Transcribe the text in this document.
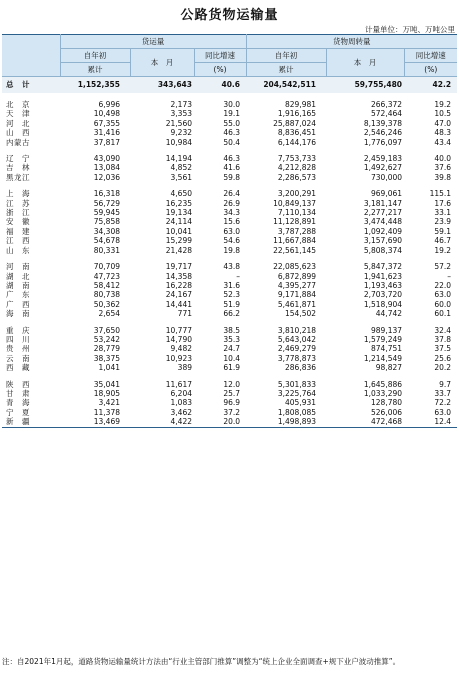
公路货物运输量
计量单位：万吨、万吨公里
	货运量			货物周转量		
	自年初	本　月	同比增速	自年初	本　月	同比增速
	累计		(%)	累计		(%)
总　计	1,152,355	343,643	40.6	204,542,511	59,755,480	42.2

北　京	6,996	2,173	30.0	829,981	266,372	19.2
天　津	10,498	3,353	19.1	1,916,165	572,464	10.5
河　北	67,355	21,560	55.0	25,887,024	8,139,378	47.0
山　西	31,416	9,232	46.3	8,836,451	2,546,246	48.3
内蒙古	37,817	10,984	50.4	6,144,176	1,776,097	43.4

辽　宁	43,090	14,194	46.3	7,753,733	2,459,183	40.0
吉　林	13,084	4,852	41.6	4,212,828	1,492,627	37.6
黑龙江	12,036	3,561	59.8	2,286,573	730,000	39.8

上　海	16,318	4,650	26.4	3,200,291	969,061	115.1
江　苏	56,729	16,235	26.9	10,849,137	3,181,147	17.6
浙　江	59,945	19,134	34.3	7,110,134	2,277,217	33.1
安　徽	75,858	24,114	15.6	11,128,891	3,474,448	23.9
福　建	34,308	10,041	63.0	3,787,288	1,092,409	59.1
江　西	54,678	15,299	54.6	11,667,884	3,157,690	46.7
山　东	80,331	21,428	19.8	22,561,145	5,808,374	19.2

河　南	70,709	19,717	43.8	22,085,623	5,847,372	57.2
湖　北	47,723	14,358	–	6,872,899	1,941,623	–
湖　南	58,412	16,228	31.6	4,395,277	1,193,463	22.0
广　东	80,738	24,167	52.3	9,171,884	2,703,720	63.0
广　西	50,362	14,441	51.9	5,461,871	1,518,904	60.0
海　南	2,654	771	66.2	154,502	44,742	60.1

重　庆	37,650	10,777	38.5	3,810,218	989,137	32.4
四　川	53,242	14,790	35.3	5,643,042	1,579,249	37.8
贵　州	28,779	9,482	24.7	2,469,279	874,751	37.5
云　南	38,375	10,923	10.4	3,778,873	1,214,549	25.6
西　藏	1,041	389	61.9	286,836	98,827	20.2

陕　西	35,041	11,617	12.0	5,301,833	1,645,886	9.7
甘　肃	18,905	6,204	25.7	3,225,764	1,033,290	33.7
青　海	3,421	1,083	96.9	405,931	128,780	72.2
宁　夏	11,378	3,462	37.2	1,808,085	526,006	63.0
新　疆	13,469	4,422	20.0	1,498,893	472,468	12.4
注：自2021年1月起，道路货物运输量统计方法由“行业主管部门推算”调整为“统上企业全面调查+规下业户波动推算”。
